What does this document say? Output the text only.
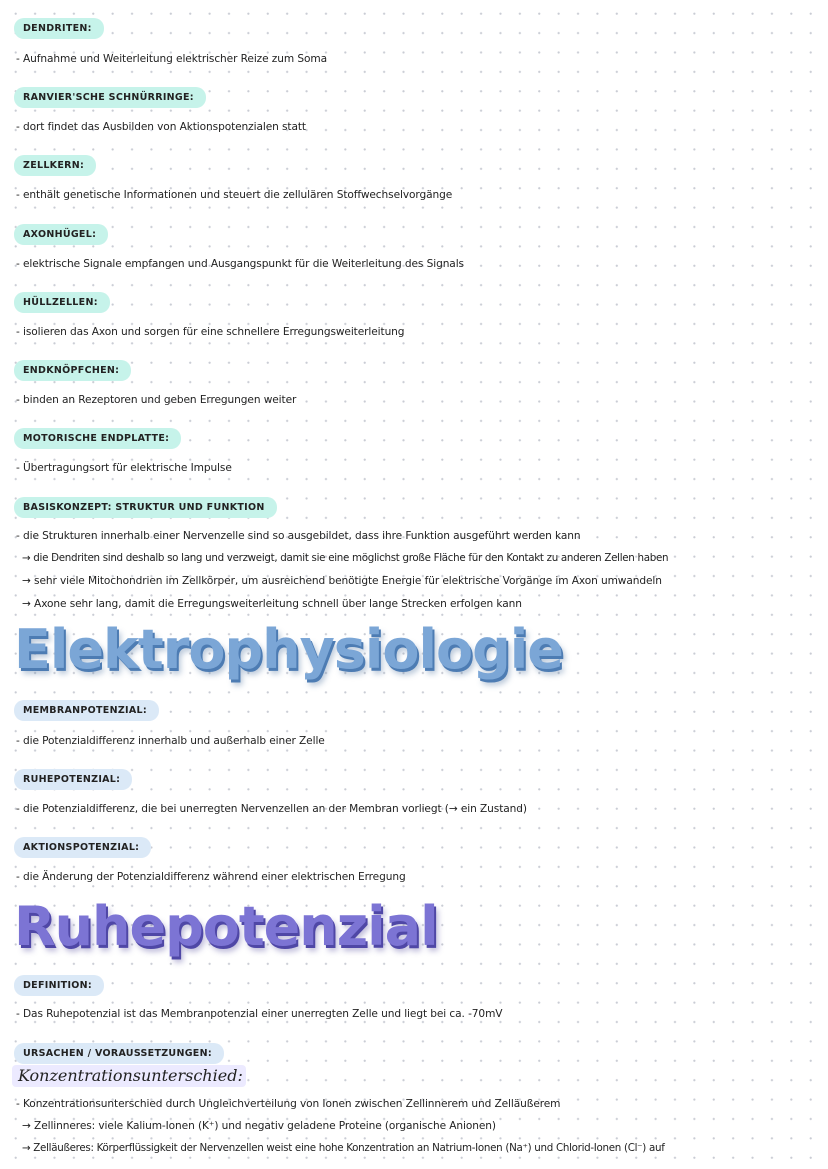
DENDRITEN:
- Aufnahme und Weiterleitung elektrischer Reize zum Soma
RANVIER'SCHE SCHNÜRRINGE:
- dort findet das Ausbilden von Aktionspotenzialen statt
ZELLKERN:
- enthält genetische Informationen und steuert die zellulären Stoffwechselvorgänge
AXONHÜGEL:
- elektrische Signale empfangen und Ausgangspunkt für die Weiterleitung des Signals
HÜLLZELLEN:
- isolieren das Axon und sorgen für eine schnellere Erregungsweiterleitung
ENDKNÖPFCHEN:
- binden an Rezeptoren und geben Erregungen weiter
MOTORISCHE ENDPLATTE:
- Übertragungsort für elektrische Impulse
BASISKONZEPT: STRUKTUR UND FUNKTION
- die Strukturen innerhalb einer Nervenzelle sind so ausgebildet, dass ihre Funktion ausgeführt werden kann
→ die Dendriten sind deshalb so lang und verzweigt, damit sie eine möglichst große Fläche für den Kontakt zu anderen Zellen haben
→ sehr viele Mitochondrien im Zellkörper, um ausreichend benötigte Energie für elektrische Vorgänge im Axon umwandeln
→ Axone sehr lang, damit die Erregungsweiterleitung schnell über lange Strecken erfolgen kann
Elektrophysiologie
MEMBRANPOTENZIAL:
- die Potenzialdifferenz innerhalb und außerhalb einer Zelle
RUHEPOTENZIAL:
- die Potenzialdifferenz, die bei unerregten Nervenzellen an der Membran vorliegt (→ ein Zustand)
AKTIONSPOTENZIAL:
- die Änderung der Potenzialdifferenz während einer elektrischen Erregung
Ruhepotenzial
DEFINITION:
- Das Ruhepotenzial ist das Membranpotenzial einer unerregten Zelle und liegt bei ca. -70mV
URSACHEN / VORAUSSETZUNGEN:
Konzentrationsunterschied:
- Konzentrationsunterschied durch Ungleichverteilung von Ionen zwischen Zellinnerem und Zelläußerem
→ Zellinneres: viele Kalium-Ionen (K⁺) und negativ geladene Proteine (organische Anionen)
→ Zelläußeres: Körperflüssigkeit der Nervenzellen weist eine hohe Konzentration an Natrium-Ionen (Na⁺) und Chlorid-Ionen (Cl⁻) auf
